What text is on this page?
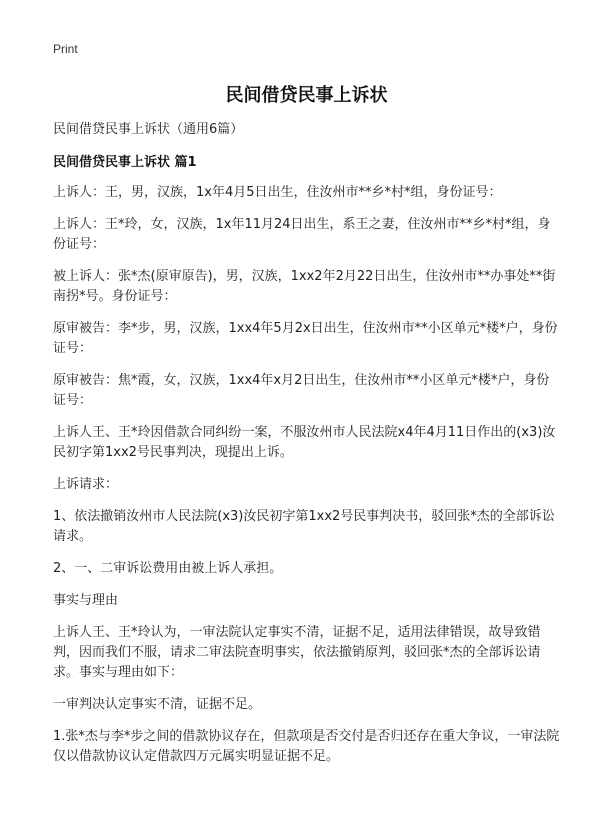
Print
民间借贷民事上诉状
民间借贷民事上诉状（通用6篇）
民间借贷民事上诉状 篇1
上诉人：王，男，汉族，1x年4月5日出生，住汝州市**乡*村*组，身份证号：
上诉人：王*玲，女，汉族，1x年11月24日出生，系王之妻，住汝州市**乡*村*组，身份证号：
被上诉人：张*杰(原审原告)，男，汉族，1xx2年2月22日出生，住汝州市**办事处**街南拐*号。身份证号：
原审被告：李*步，男，汉族，1xx4年5月2x日出生，住汝州市**小区单元*楼*户，身份证号：
原审被告：焦*霞，女，汉族，1xx4年x月2日出生，住汝州市**小区单元*楼*户，身份证号：
上诉人王、王*玲因借款合同纠纷一案，不服汝州市人民法院x4年4月11日作出的(x3)汝民初字第1xx2号民事判决，现提出上诉。
上诉请求：
1、依法撤销汝州市人民法院(x3)汝民初字第1xx2号民事判决书，驳回张*杰的全部诉讼请求。
2、一、二审诉讼费用由被上诉人承担。
事实与理由
上诉人王、王*玲认为，一审法院认定事实不清，证据不足，适用法律错误，故导致错判，因而我们不服，请求二审法院查明事实，依法撤销原判，驳回张*杰的全部诉讼请求。事实与理由如下：
一审判决认定事实不清，证据不足。
1.张*杰与李*步之间的借款协议存在，但款项是否交付是否归还存在重大争议，一审法院仅以借款协议认定借款四万元属实明显证据不足。
